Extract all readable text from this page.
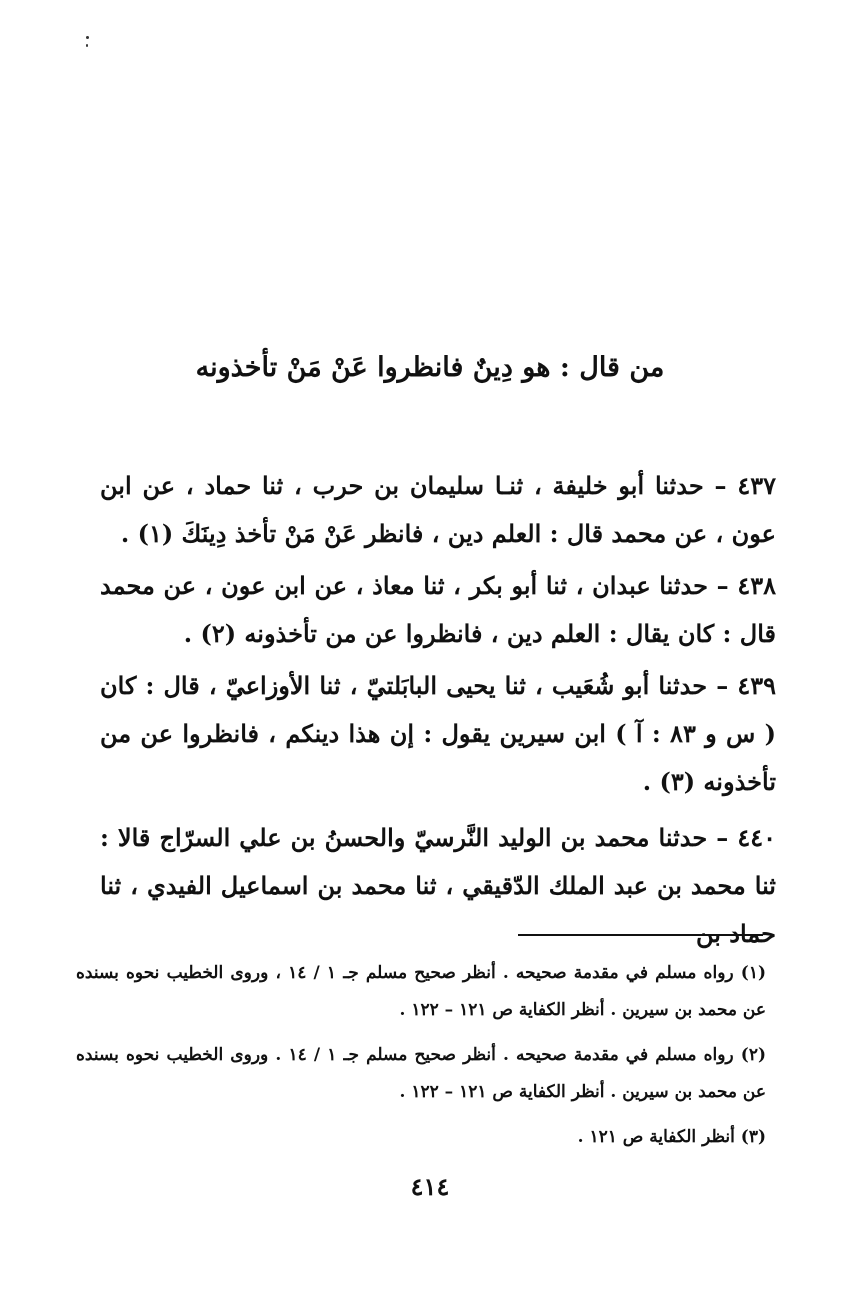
من قال : هو دِينٌ فانظروا عَنْ مَنْ تأخذونه

٤٣٧ – حدثنا أبو خليفة ، ثنـا سليمان بن حرب ، ثنا حماد ، عن ابن عون ، عن محمد قال : العلم دين ، فانظر عَنْ مَنْ تأخذ دِينَكَ (١) .

٤٣٨ – حدثنا عبدان ، ثنا أبو بكر ، ثنا معاذ ، عن ابن عون ، عن محمد قال : كان يقال : العلم دين ، فانظروا عن من تأخذونه (٢) .

٤٣٩ – حدثنا أبو شُعَيب ، ثنا يحيى البابَلتيّ ، ثنا الأوزاعيّ ، قال : كان ( س و ٨٣ : آ ) ابن سيرين يقول : إن هذا دينكم ، فانظروا عن من تأخذونه (٣) .

٤٤٠ – حدثنا محمد بن الوليد النَّرسيّ والحسنُ بن علي السرّاج قالا : ثنا محمد بن عبد الملك الدّقيقي ، ثنا محمد بن اسماعيل الفيدي ، ثنا حماد بن

(١) رواه مسلم في مقدمة صحيحه . أنظر صحيح مسلم جـ ١ / ١٤ ، وروى الخطيب نحوه بسنده عن محمد بن سيرين . أنظر الكفاية ص ١٢١ – ١٢٢ .

(٢) رواه مسلم في مقدمة صحيحه . أنظر صحيح مسلم جـ ١ / ١٤ . وروى الخطيب نحوه بسنده عن محمد بن سيرين . أنظر الكفاية ص ١٢١ – ١٢٢ .

(٣) أنظر الكفاية ص ١٢١ .

٤١٤
